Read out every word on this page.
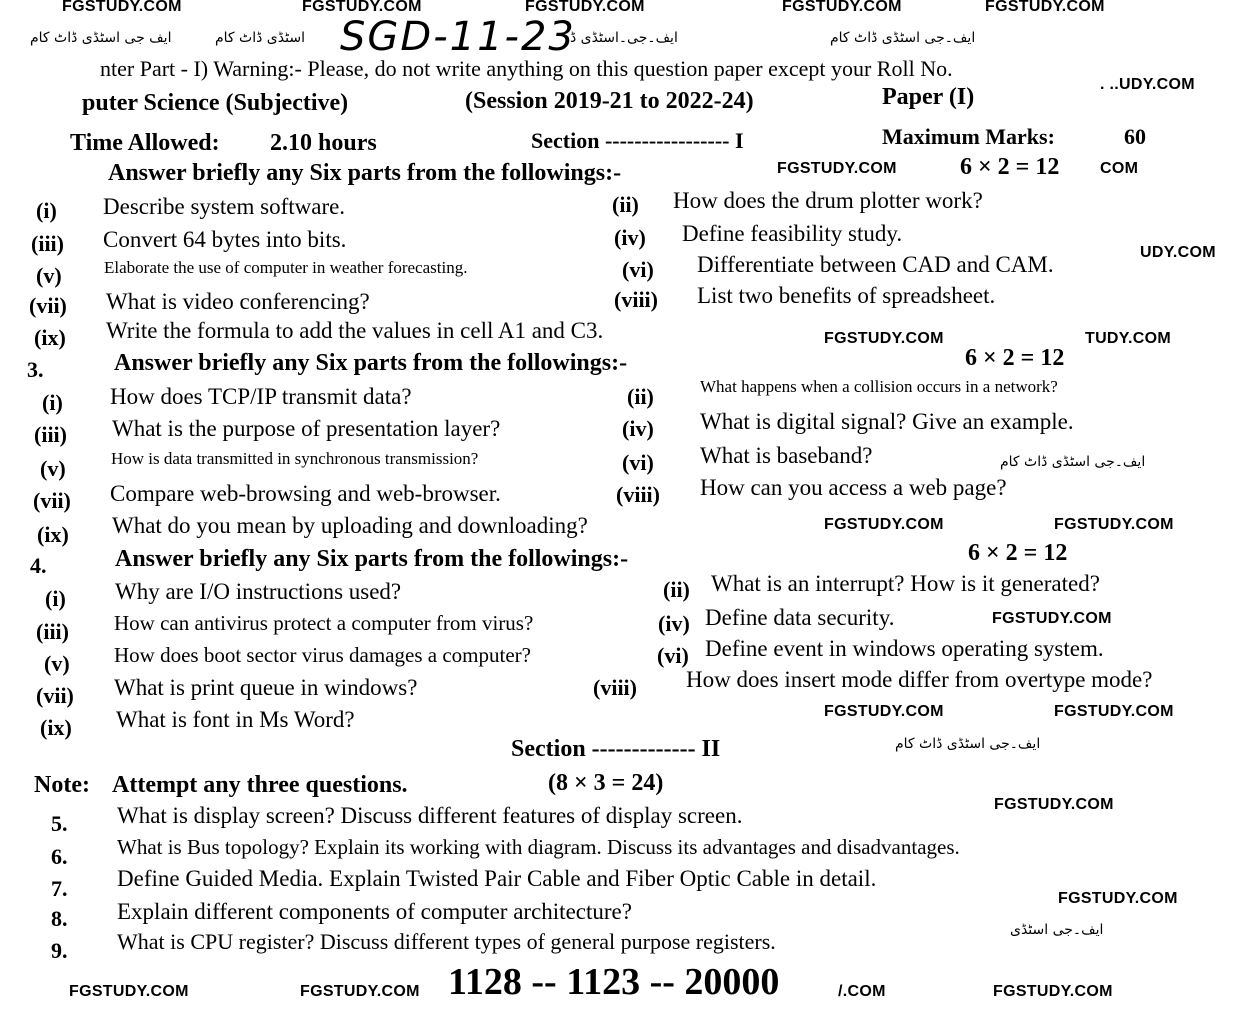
FGSTUDY.COM	FGSTUDY.COM	FGSTUDY.COM	FGSTUDY.COM	FGSTUDY.COM
ایف جی اسٹڈی ڈاٹ کام	ایف۔جی۔اسٹڈی ڈ
اسٹڈی ڈاٹ کام	ایف۔جی اسٹڈی ڈاٹ کام
SGD-11-23
nter Part - I) Warning:- Please, do not write anything on this question paper except your Roll No.
. ..UDY.COM
puter Science (Subjective)	(Session 2019-21 to 2022-24)	Paper (I)
Time Allowed: 2.10 hours	Section ----------------- I	Maximum Marks:	60
Answer briefly any Six parts from the followings:-	FGSTUDY.COM	6 × 2 = 12	COM
(i) Describe system software.	(ii) How does the drum plotter work?
(iii) Convert 64 bytes into bits.	(iv) Define feasibility study.
(v) Elaborate the use of computer in weather forecasting.	(vi) Differentiate between CAD and CAM.	UDY.COM
(vii) What is video conferencing?	(viii) List two benefits of spreadsheet.
(ix) Write the formula to add the values in cell A1 and C3.	FGSTUDY.COM	TUDY.COM
3.	Answer briefly any Six parts from the followings:-	6 × 2 = 12
(i) How does TCP/IP transmit data?	(ii)	What happens when a collision occurs in a network?
(iii) What is the purpose of presentation layer?	(iv) What is digital signal? Give an example.
(v)	How is data transmitted in synchronous transmission?	(vi) What is baseband?	ایف۔جی اسٹڈی ڈاٹ کام
(vii) Compare web-browsing and web-browser.	(viii) How can you access a web page?
(ix) What do you mean by uploading and downloading?	FGSTUDY.COM	FGSTUDY.COM
4.	Answer briefly any Six parts from the followings:-	6 × 2 = 12
(i) Why are I/O instructions used?	(ii) What is an interrupt? How is it generated?
(iii) How can antivirus protect a computer from virus?	(iv) Define data security.	FGSTUDY.COM
(v) How does boot sector virus damages a computer?	(vi) Define event in windows operating system.
(vii) What is print queue in windows?	(viii) How does insert mode differ from overtype mode?
(ix) What is font in Ms Word?	FGSTUDY.COM	FGSTUDY.COM
Section ------------- II	ایف۔جی اسٹڈی ڈاٹ کام
Note: Attempt any three questions.	(8 × 3 = 24)
5. What is display screen? Discuss different features of display screen.	FGSTUDY.COM
6. What is Bus topology? Explain its working with diagram. Discuss its advantages and disadvantages.
7. Define Guided Media. Explain Twisted Pair Cable and Fiber Optic Cable in detail.
FGSTUDY.COM
8. Explain different components of computer architecture?
9. What is CPU register? Discuss different types of general purpose registers.	ایف۔جی اسٹڈی
FGSTUDY.COM	FGSTUDY.COM 1128 -- 1123 -- 20000	/.COM	FGSTUDY.COM
